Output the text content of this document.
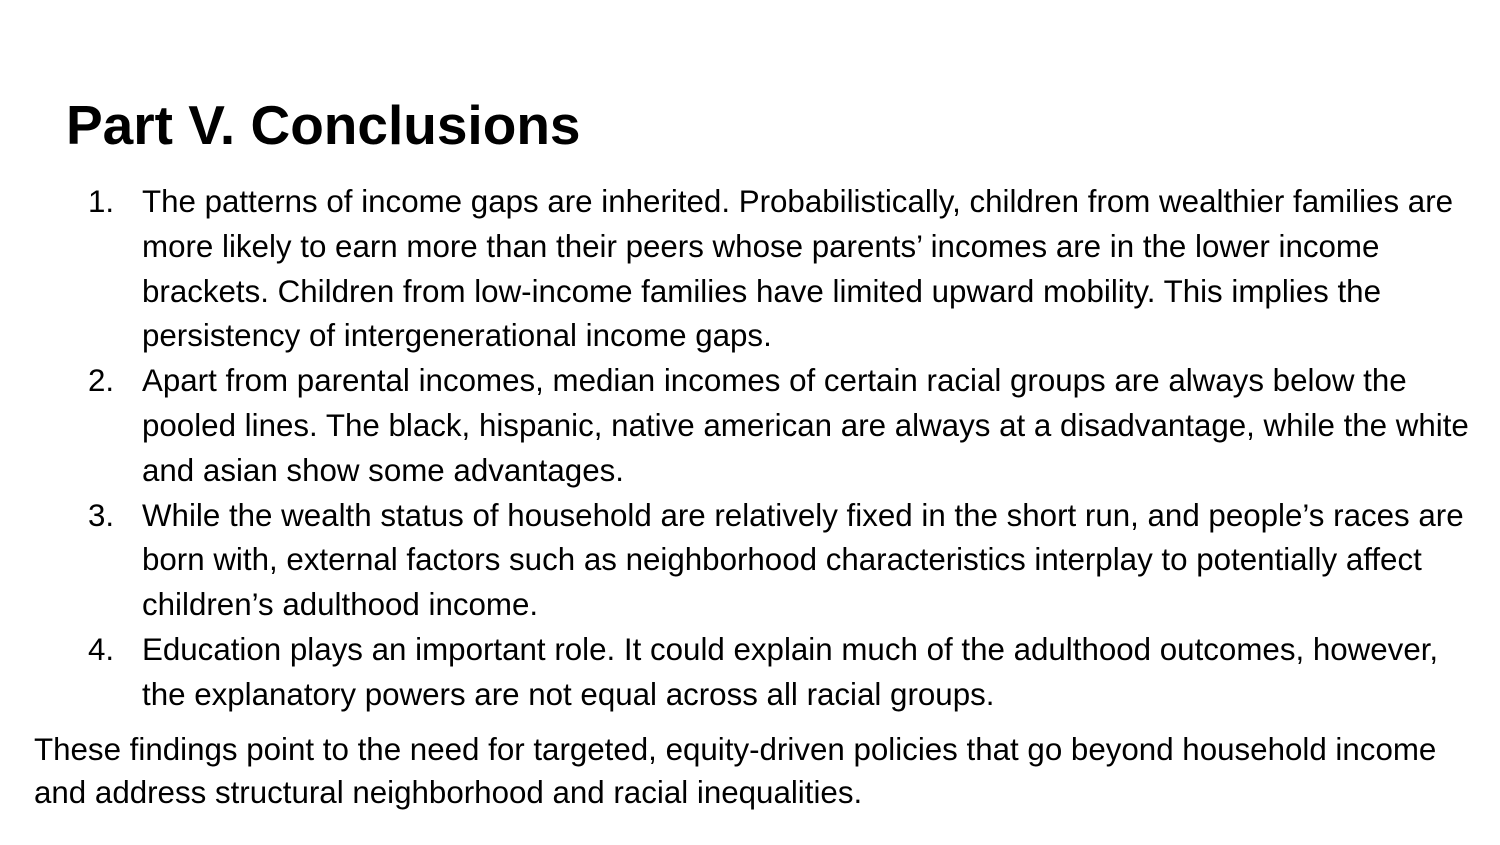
Part V. Conclusions
1. The patterns of income gaps are inherited. Probabilistically, children from wealthier families are more likely to earn more than their peers whose parents’ incomes are in the lower income brackets. Children from low-income families have limited upward mobility. This implies the persistency of intergenerational income gaps.
2. Apart from parental incomes, median incomes of certain racial groups are always below the pooled lines. The black, hispanic, native american are always at a disadvantage, while the white and asian show some advantages.
3. While the wealth status of household are relatively fixed in the short run, and people’s races are born with, external factors such as neighborhood characteristics interplay to potentially affect children’s adulthood income.
4. Education plays an important role. It could explain much of the adulthood outcomes, however, the explanatory powers are not equal across all racial groups.

These findings point to the need for targeted, equity-driven policies that go beyond household income and address structural neighborhood and racial inequalities.
